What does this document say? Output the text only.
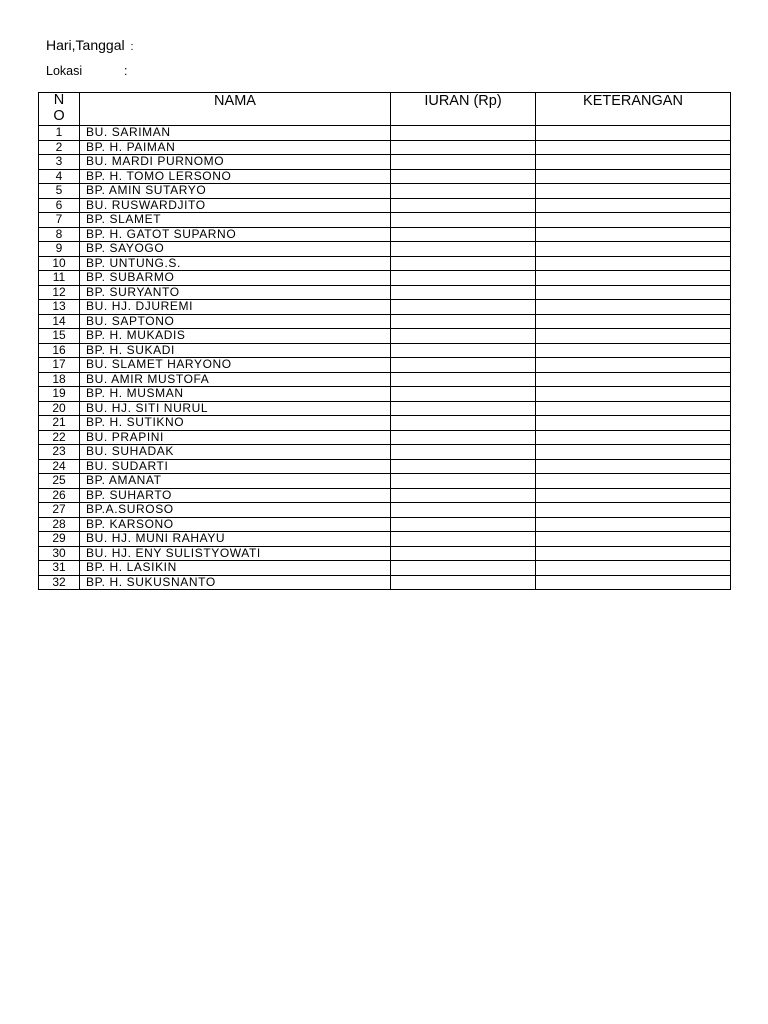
Hari,Tanggal :
Lokasi	:
N
O	NAMA	IURAN (Rp)	KETERANGAN
1	BU. SARIMAN		
2	BP. H. PAIMAN		
3	BU. MARDI PURNOMO		
4	BP. H. TOMO LERSONO		
5	BP. AMIN SUTARYO		
6	BU. RUSWARDJITO		
7	BP. SLAMET		
8	BP. H. GATOT SUPARNO		
9	BP. SAYOGO		
10	BP. UNTUNG.S.		
11	BP. SUBARMO		
12	BP. SURYANTO		
13	BU. HJ. DJUREMI		
14	BU. SAPTONO		
15	BP. H. MUKADIS		
16	BP. H. SUKADI		
17	BU. SLAMET HARYONO		
18	BU. AMIR MUSTOFA		
19	BP. H. MUSMAN		
20	BU. HJ. SITI NURUL		
21	BP. H. SUTIKNO		
22	BU. PRAPINI		
23	BU. SUHADAK		
24	BU. SUDARTI		
25	BP. AMANAT		
26	BP. SUHARTO		
27	BP.A.SUROSO		
28	BP. KARSONO		
29	BU. HJ. MUNI RAHAYU		
30	BU. HJ. ENY SULISTYOWATI		
31	BP. H. LASIKIN		
32	BP. H. SUKUSNANTO		
